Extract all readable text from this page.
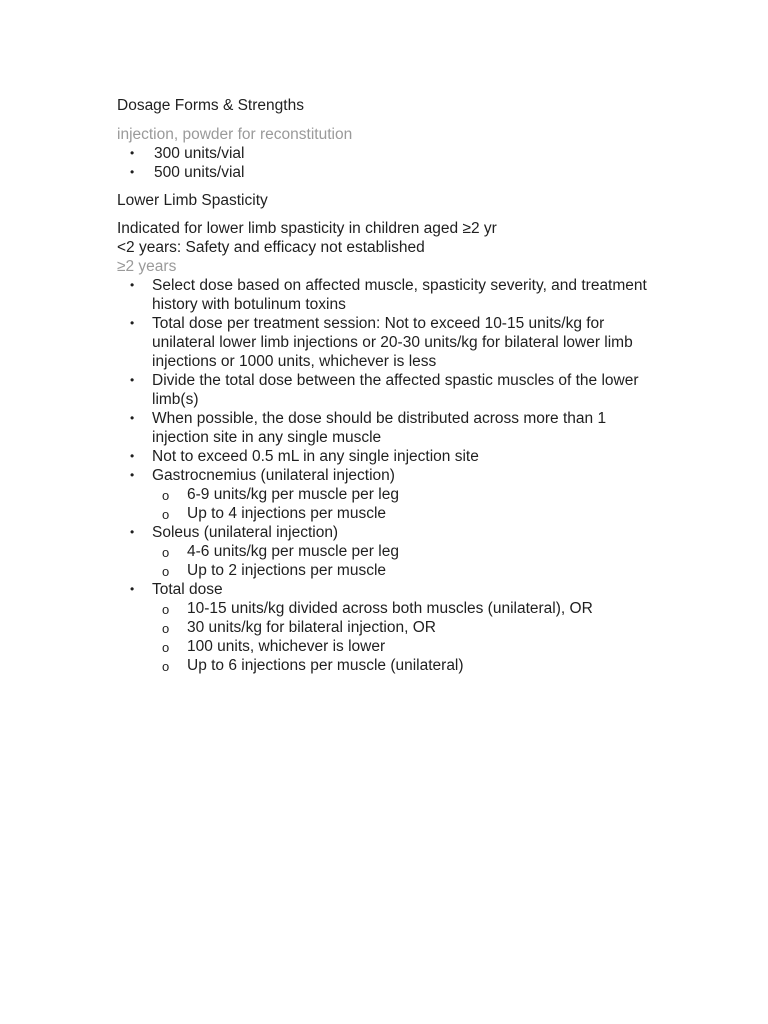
Dosage Forms & Strengths
injection, powder for reconstitution
• 300 units/vial
• 500 units/vial
Lower Limb Spasticity
Indicated for lower limb spasticity in children aged ≥2 yr
<2 years: Safety and efficacy not established
≥2 years
• Select dose based on affected muscle, spasticity severity, and treatment history with botulinum toxins
• Total dose per treatment session: Not to exceed 10-15 units/kg for unilateral lower limb injections or 20-30 units/kg for bilateral lower limb injections or 1000 units, whichever is less
• Divide the total dose between the affected spastic muscles of the lower limb(s)
• When possible, the dose should be distributed across more than 1 injection site in any single muscle
• Not to exceed 0.5 mL in any single injection site
• Gastrocnemius (unilateral injection)
o 6-9 units/kg per muscle per leg
o Up to 4 injections per muscle
• Soleus (unilateral injection)
o 4-6 units/kg per muscle per leg
o Up to 2 injections per muscle
• Total dose
o 10-15 units/kg divided across both muscles (unilateral), OR
o 30 units/kg for bilateral injection, OR
o 100 units, whichever is lower
o Up to 6 injections per muscle (unilateral)
